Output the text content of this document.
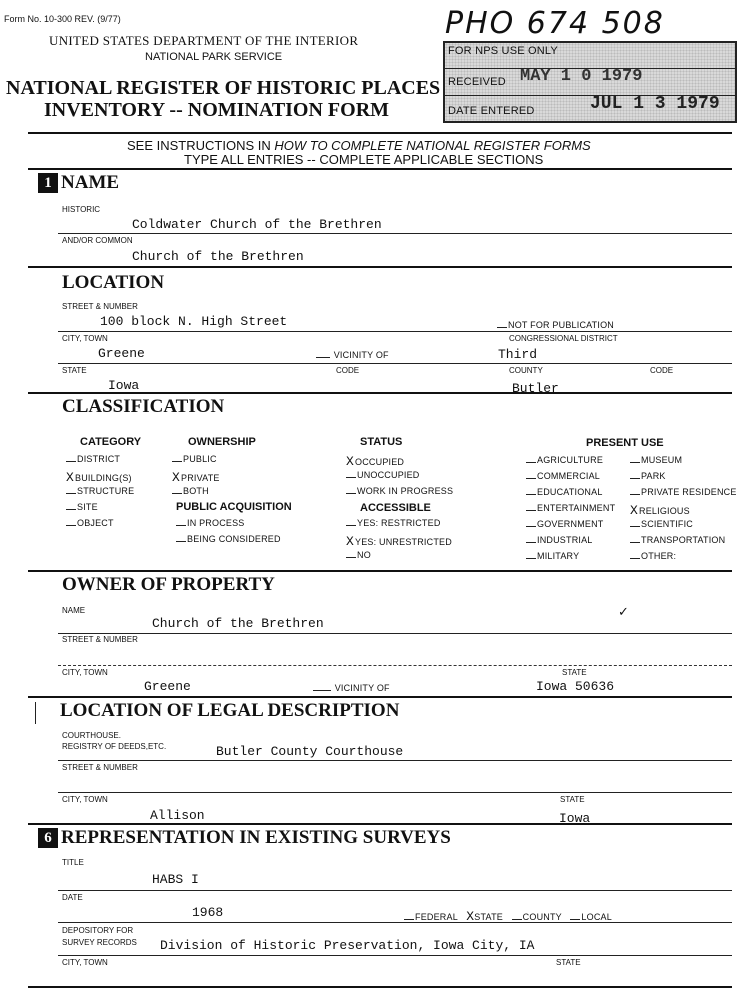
Form No. 10-300 REV. (9/77)
UNITED STATES DEPARTMENT OF THE INTERIOR
NATIONAL PARK SERVICE
NATIONAL REGISTER OF HISTORIC PLACES
INVENTORY -- NOMINATION FORM
PHO 674 508
FOR NPS USE ONLY
RECEIVED MAY 1 0 1979
DATE ENTERED	JUL 1 3 1979
SEE INSTRUCTIONS IN HOW TO COMPLETE NATIONAL REGISTER FORMS
TYPE ALL ENTRIES -- COMPLETE APPLICABLE SECTIONS
1 NAME
HISTORIC
Coldwater Church of the Brethren
AND/OR COMMON
Church of the Brethren
LOCATION
STREET & NUMBER
100 block N. High Street	NOT FOR PUBLICATION
CITY, TOWN	CONGRESSIONAL DISTRICT
Greene	VICINITY OF	Third
STATE	CODE	COUNTY	CODE
Iowa	Butler
CLASSIFICATION
CATEGORY
DISTRICT
XBUILDING(S)
STRUCTURE
SITE
OBJECT
OWNERSHIP
PUBLIC
XPRIVATE
BOTH
PUBLIC ACQUISITION
IN PROCESS
BEING CONSIDERED
STATUS
XOCCUPIED
UNOCCUPIED
WORK IN PROGRESS
ACCESSIBLE
YES: RESTRICTED
XYES: UNRESTRICTED
NO
PRESENT USE
AGRICULTURE
COMMERCIAL
EDUCATIONAL
ENTERTAINMENT
GOVERNMENT
INDUSTRIAL
MILITARY
MUSEUM
PARK
PRIVATE RESIDENCE
XRELIGIOUS
SCIENTIFIC
TRANSPORTATION
OTHER:
OWNER OF PROPERTY
NAME	✓
Church of the Brethren
STREET & NUMBER
CITY, TOWN	STATE
Greene	VICINITY OF	Iowa 50636
LOCATION OF LEGAL DESCRIPTION
COURTHOUSE.
REGISTRY OF DEEDS,ETC.	Butler County Courthouse
STREET & NUMBER
CITY, TOWN	STATE
Allison	Iowa
6 REPRESENTATION IN EXISTING SURVEYS
TITLE
HABS I
DATE
1968	FEDERAL XSTATE COUNTY LOCAL
DEPOSITORY FOR
SURVEY RECORDS Division of Historic Preservation, Iowa City, IA
CITY, TOWN	STATE
